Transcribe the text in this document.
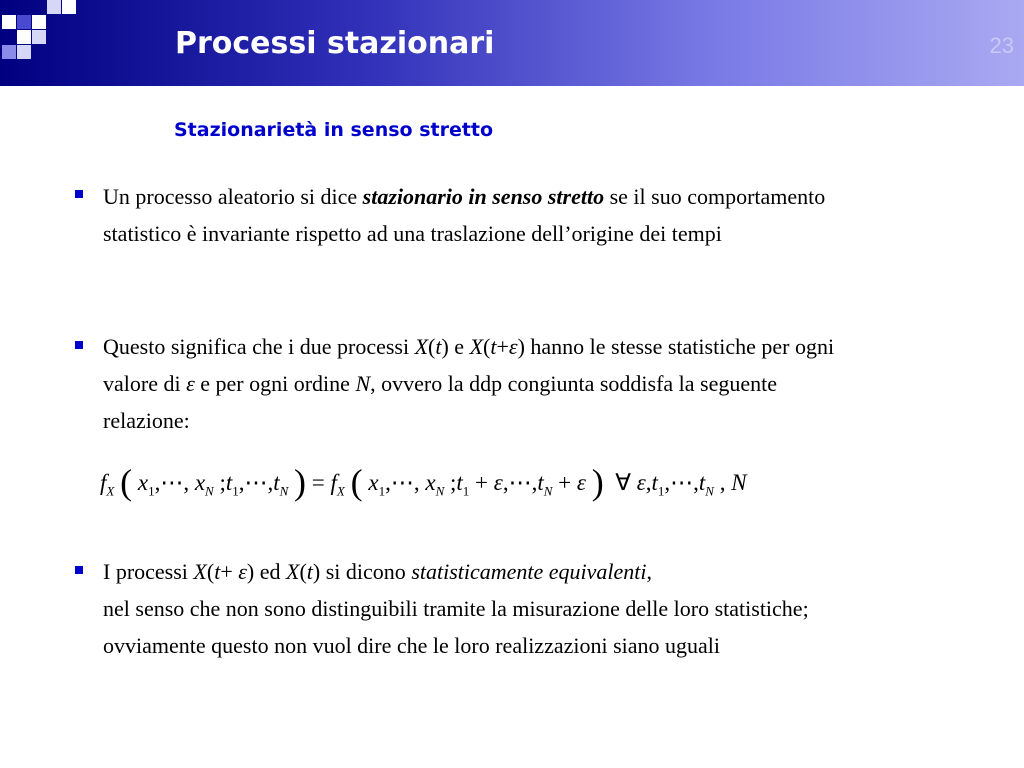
Processi stazionari	23
Stazionarietà in senso stretto
Un processo aleatorio si dice stazionario in senso stretto se il suo comportamento statistico è invariante rispetto ad una traslazione dell’origine dei tempi
Questo significa che i due processi X(t) e X(t+ε) hanno le stesse statistiche per ogni valore di ε e per ogni ordine N, ovvero la ddp congiunta soddisfa la seguente relazione:
$f_X$ ( $x_1,\cdots$, $x_N$ $;t_1,\cdots,t_N$ ) = $f_X$ ( $x_1,\cdots$, $x_N$ $;t_1$ + $\varepsilon,\cdots,t_N + \varepsilon$ ) ∀ $\varepsilon,t_1,\cdots,t_N$ , N
I processi X(t+ ε) ed X(t) si dicono statisticamente equivalenti,
nel senso che non sono distinguibili tramite la misurazione delle loro statistiche; ovviamente questo non vuol dire che le loro realizzazioni siano uguali
